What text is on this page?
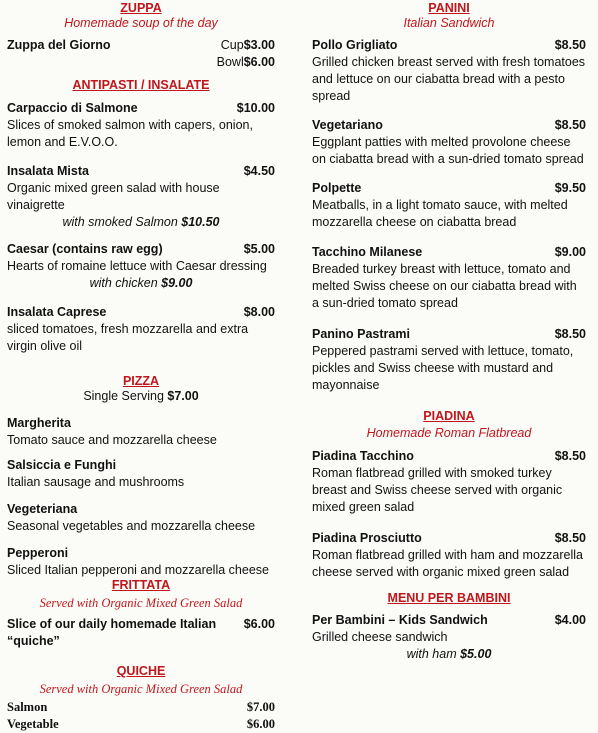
ZUPPA
Homemade soup of the day
Zuppa del Giorno	Cup$3.00
Bowl$6.00
ANTIPASTI / INSALATE
Carpaccio di Salmone	$10.00
Slices of smoked salmon with capers, onion, lemon and E.V.O.O.
Insalata Mista	$4.50
Organic mixed green salad with house vinaigrette
with smoked Salmon $10.50
Caesar (contains raw egg)	$5.00
Hearts of romaine lettuce with Caesar dressing
with chicken $9.00
Insalata Caprese	$8.00
sliced tomatoes, fresh mozzarella and extra virgin olive oil
PIZZA
Single Serving $7.00
Margherita
Tomato sauce and mozzarella cheese
Salsiccia e Funghi
Italian sausage and mushrooms
Vegeteriana
Seasonal vegetables and mozzarella cheese
Pepperoni
Sliced Italian pepperoni and mozzarella cheese
FRITTATA
Served with Organic Mixed Green Salad
Slice of our daily homemade Italian “quiche”
$6.00
QUICHE
Served with Organic Mixed Green Salad
Salmon	$7.00
Vegetable	$6.00
PANINI
Italian Sandwich
Pollo Grigliato	$8.50
Grilled chicken breast served with fresh tomatoes and lettuce on our ciabatta bread with a pesto spread
Vegetariano	$8.50
Eggplant patties with melted provolone cheese on ciabatta bread with a sun-dried tomato spread
Polpette	$9.50
Meatballs, in a light tomato sauce, with melted mozzarella cheese on ciabatta bread
Tacchino Milanese	$9.00
Breaded turkey breast with lettuce, tomato and melted Swiss cheese on our ciabatta bread with a sun-dried tomato spread
Panino Pastrami	$8.50
Peppered pastrami served with lettuce, tomato, pickles and Swiss cheese with mustard and mayonnaise
PIADINA
Homemade Roman Flatbread
Piadina Tacchino	$8.50
Roman flatbread grilled with smoked turkey breast and Swiss cheese served with organic mixed green salad
Piadina Prosciutto	$8.50
Roman flatbread grilled with ham and mozzarella cheese served with organic mixed green salad
MENU PER BAMBINI
Per Bambini – Kids Sandwich	$4.00
Grilled cheese sandwich
with ham $5.00
